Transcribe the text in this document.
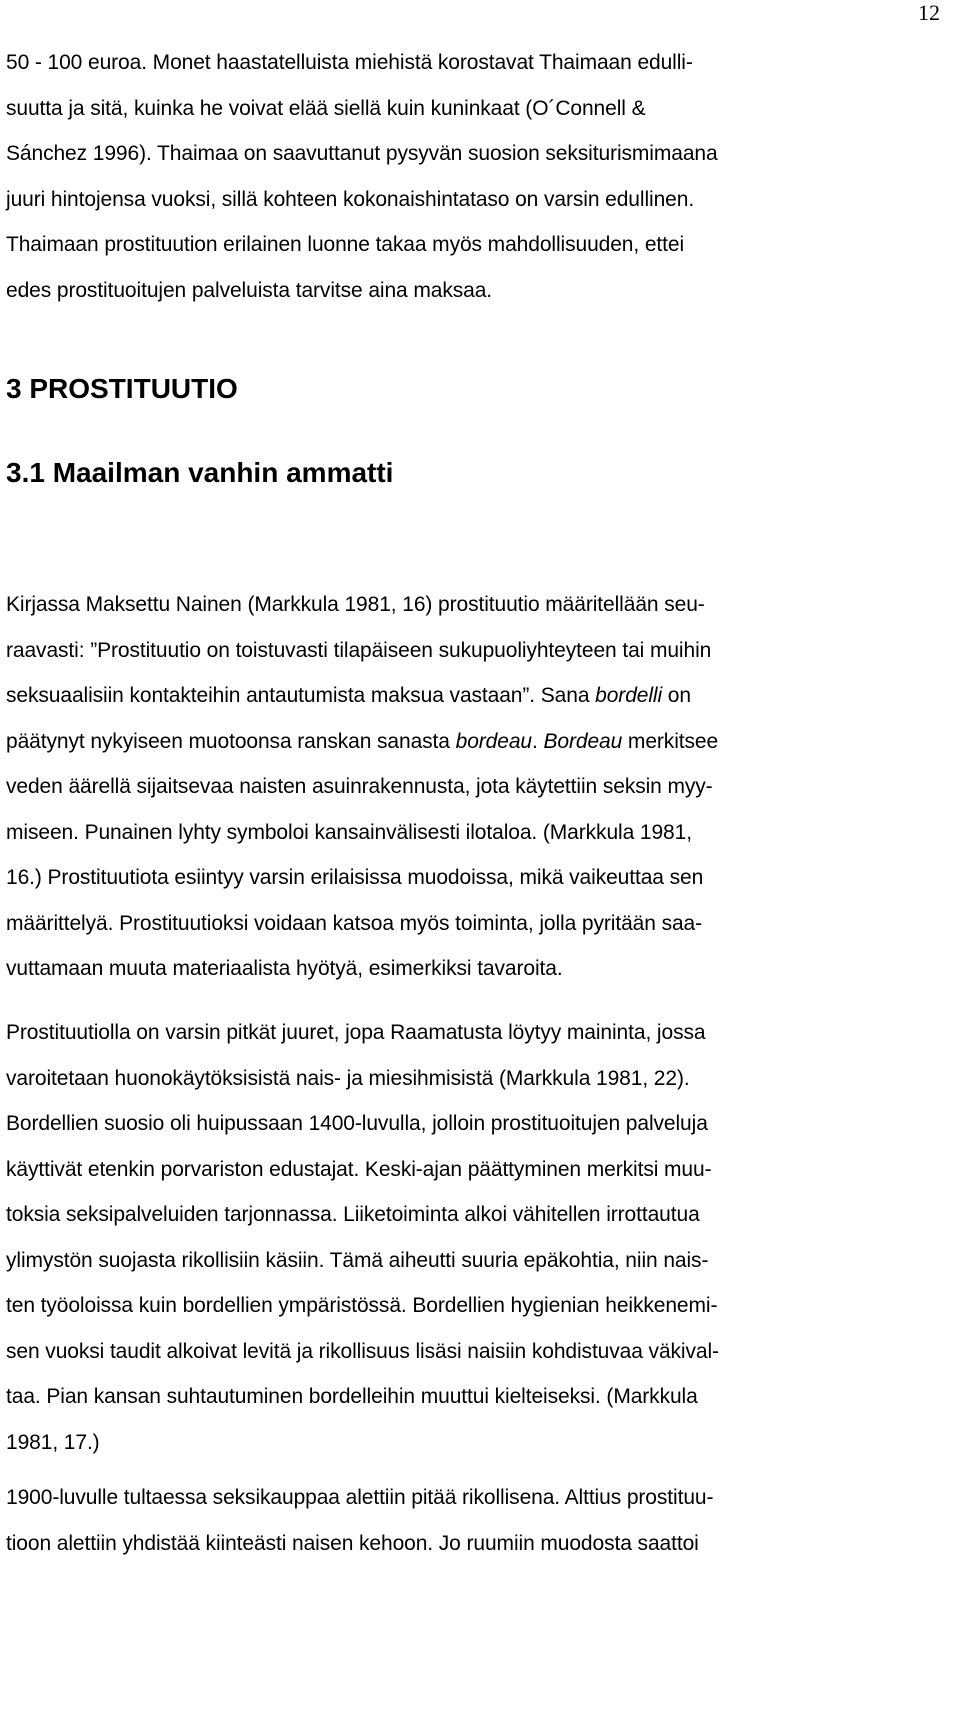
12
50 - 100 euroa. Monet haastatelluista miehistä korostavat Thaimaan edulli-
suutta ja sitä, kuinka he voivat elää siellä kuin kuninkaat (O´Connell &
Sánchez 1996). Thaimaa on saavuttanut pysyvän suosion seksiturismimaana
juuri hintojensa vuoksi, sillä kohteen kokonaishintataso on varsin edullinen.
Thaimaan prostituution erilainen luonne takaa myös mahdollisuuden, ettei
edes prostituoitujen palveluista tarvitse aina maksaa.
3 PROSTITUUTIO
3.1 Maailman vanhin ammatti
Kirjassa Maksettu Nainen (Markkula 1981, 16) prostituutio määritellään seu-
raavasti: ”Prostituutio on toistuvasti tilapäiseen sukupuoliyhteyteen tai muihin
seksuaalisiin kontakteihin antautumista maksua vastaan”. Sana bordelli on
päätynyt nykyiseen muotoonsa ranskan sanasta bordeau. Bordeau merkitsee
veden äärellä sijaitsevaa naisten asuinrakennusta, jota käytettiin seksin myy-
miseen. Punainen lyhty symboloi kansainvälisesti ilotaloa. (Markkula 1981,
16.) Prostituutiota esiintyy varsin erilaisissa muodoissa, mikä vaikeuttaa sen
määrittelyä. Prostituutioksi voidaan katsoa myös toiminta, jolla pyritään saa-
vuttamaan muuta materiaalista hyötyä, esimerkiksi tavaroita.
Prostituutiolla on varsin pitkät juuret, jopa Raamatusta löytyy maininta, jossa
varoitetaan huonokäytöksisistä nais- ja miesihmisistä (Markkula 1981, 22).
Bordellien suosio oli huipussaan 1400-luvulla, jolloin prostituoitujen palveluja
käyttivät etenkin porvariston edustajat. Keski-ajan päättyminen merkitsi muu-
toksia seksipalveluiden tarjonnassa. Liiketoiminta alkoi vähitellen irrottautua
ylimystön suojasta rikollisiin käsiin. Tämä aiheutti suuria epäkohtia, niin nais-
ten työoloissa kuin bordellien ympäristössä. Bordellien hygienian heikkenemi-
sen vuoksi taudit alkoivat levitä ja rikollisuus lisäsi naisiin kohdistuvaa väkival-
taa. Pian kansan suhtautuminen bordelleihin muuttui kielteiseksi. (Markkula
1981, 17.)
1900-luvulle tultaessa seksikauppaa alettiin pitää rikollisena. Alttius prostituu-
tioon alettiin yhdistää kiinteästi naisen kehoon. Jo ruumiin muodosta saattoi
